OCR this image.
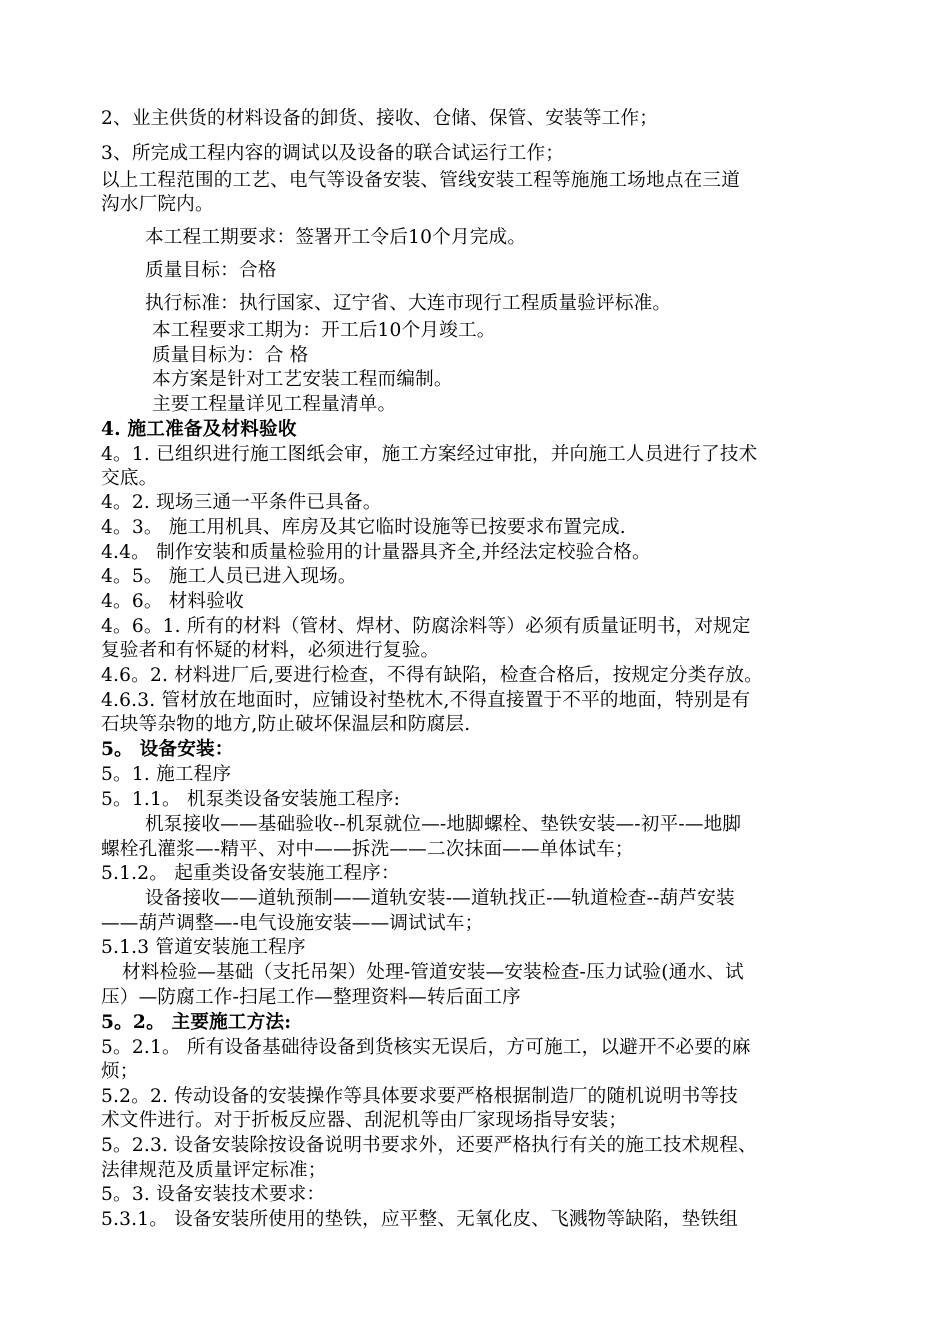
2、业主供货的材料设备的卸货、接收、仓储、保管、安装等工作；
3、所完成工程内容的调试以及设备的联合试运行工作；
以上工程范围的工艺、电气等设备安装、管线安装工程等施施工场地点在三道
沟水厂院内。
本工程工期要求：签署开工令后10个月完成。
质量目标：合格
执行标准：执行国家、辽宁省、大连市现行工程质量验评标准。
本工程要求工期为：开工后10个月竣工。
质量目标为：合 格
本方案是针对工艺安装工程而编制。
主要工程量详见工程量清单。
4. 施工准备及材料验收
4。1. 已组织进行施工图纸会审，施工方案经过审批，并向施工人员进行了技术
交底。
4。2. 现场三通一平条件已具备。
4。3。 施工用机具、库房及其它临时设施等已按要求布置完成.
4.4。 制作安装和质量检验用的计量器具齐全,并经法定校验合格。
4。5。 施工人员已进入现场。
4。6。 材料验收
4。6。1. 所有的材料（管材、焊材、防腐涂料等）必须有质量证明书，对规定
复验者和有怀疑的材料，必须进行复验。
4.6。2. 材料进厂后,要进行检查，不得有缺陷，检查合格后，按规定分类存放。
4.6.3. 管材放在地面时，应铺设衬垫枕木,不得直接置于不平的地面，特别是有
石块等杂物的地方,防止破坏保温层和防腐层.
5。 设备安装：
5。1. 施工程序
5。1.1。 机泵类设备安装施工程序:
机泵接收——基础验收--机泵就位—-地脚螺栓、垫铁安装—-初平-—地脚
螺栓孔灌浆—-精平、对中——拆洗——二次抹面——单体试车；
5.1.2。 起重类设备安装施工程序：
设备接收——道轨预制——道轨安装-—道轨找正-—轨道检查--葫芦安装
——葫芦调整—-电气设施安装——调试试车；
5.1.3 管道安装施工程序
材料检验—基础（支托吊架）处理-管道安装—安装检查-压力试验(通水、试
压）—防腐工作-扫尾工作—整理资料—转后面工序
5。2。 主要施工方法:
5。2.1。 所有设备基础待设备到货核实无误后，方可施工，以避开不必要的麻
烦；
5.2。2. 传动设备的安装操作等具体要求要严格根据制造厂的随机说明书等技
术文件进行。对于折板反应器、刮泥机等由厂家现场指导安装；
5。2.3. 设备安装除按设备说明书要求外，还要严格执行有关的施工技术规程、
法律规范及质量评定标准；
5。3. 设备安装技术要求：
5.3.1。 设备安装所使用的垫铁，应平整、无氧化皮、飞溅物等缺陷，垫铁组
